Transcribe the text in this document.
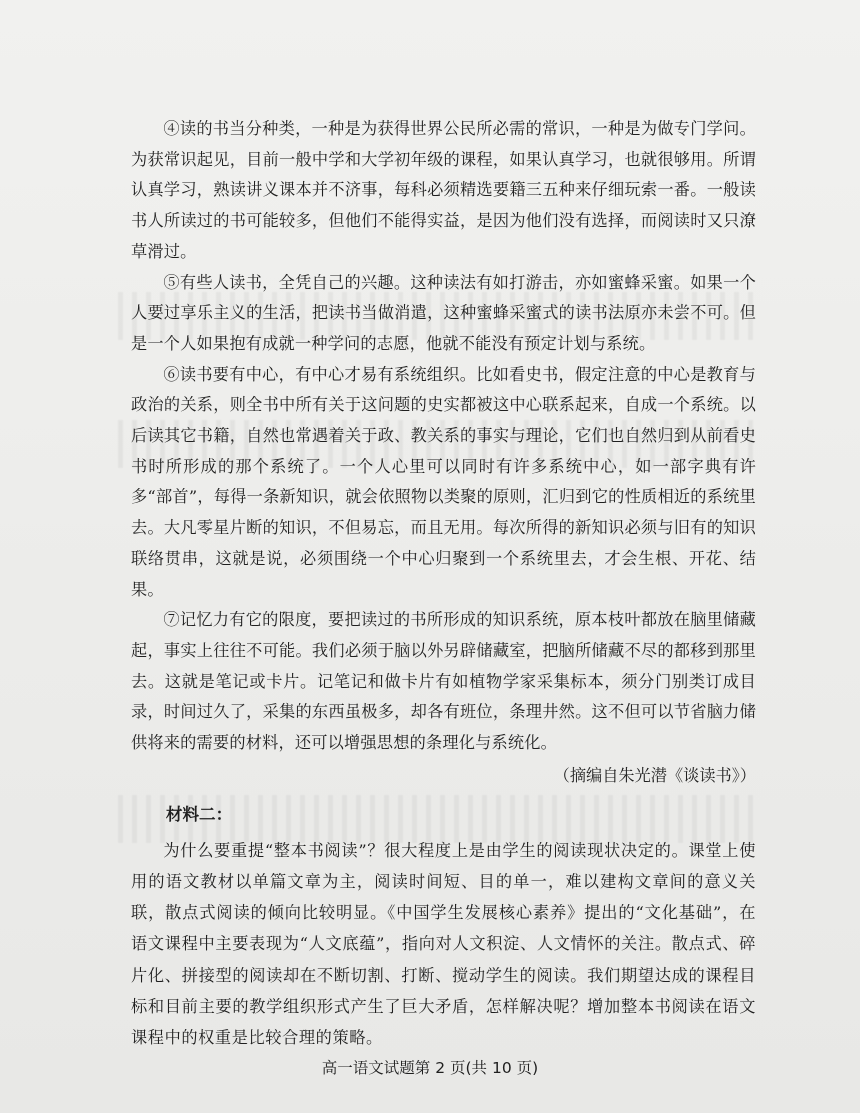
④读的书当分种类，一种是为获得世界公民所必需的常识，一种是为做专门学问。为获常识起见，目前一般中学和大学初年级的课程，如果认真学习，也就很够用。所谓认真学习，熟读讲义课本并不济事，每科必须精选要籍三五种来仔细玩索一番。一般读书人所读过的书可能较多，但他们不能得实益，是因为他们没有选择，而阅读时又只潦草滑过。

⑤有些人读书，全凭自己的兴趣。这种读法有如打游击，亦如蜜蜂采蜜。如果一个人要过享乐主义的生活，把读书当做消遣，这种蜜蜂采蜜式的读书法原亦未尝不可。但是一个人如果抱有成就一种学问的志愿，他就不能没有预定计划与系统。

⑥读书要有中心，有中心才易有系统组织。比如看史书，假定注意的中心是教育与政治的关系，则全书中所有关于这问题的史实都被这中心联系起来，自成一个系统。以后读其它书籍，自然也常遇着关于政、教关系的事实与理论，它们也自然归到从前看史书时所形成的那个系统了。一个人心里可以同时有许多系统中心，如一部字典有许多“部首”，每得一条新知识，就会依照物以类聚的原则，汇归到它的性质相近的系统里去。大凡零星片断的知识，不但易忘，而且无用。每次所得的新知识必须与旧有的知识联络贯串，这就是说，必须围绕一个中心归聚到一个系统里去，才会生根、开花、结果。

⑦记忆力有它的限度，要把读过的书所形成的知识系统，原本枝叶都放在脑里储藏起，事实上往往不可能。我们必须于脑以外另辟储藏室，把脑所储藏不尽的都移到那里去。这就是笔记或卡片。记笔记和做卡片有如植物学家采集标本，须分门别类订成目录，时间过久了，采集的东西虽极多，却各有班位，条理井然。这不但可以节省脑力储供将来的需要的材料，还可以增强思想的条理化与系统化。

（摘编自朱光潜《谈读书》）

材料二：

为什么要重提“整本书阅读”？很大程度上是由学生的阅读现状决定的。课堂上使用的语文教材以单篇文章为主，阅读时间短、目的单一，难以建构文章间的意义关联，散点式阅读的倾向比较明显。《中国学生发展核心素养》提出的“文化基础”，在语文课程中主要表现为“人文底蕴”，指向对人文积淀、人文情怀的关注。散点式、碎片化、拼接型的阅读却在不断切割、打断、搅动学生的阅读。我们期望达成的课程目标和目前主要的教学组织形式产生了巨大矛盾，怎样解决呢？增加整本书阅读在语文课程中的权重是比较合理的策略。

高一语文试题第 2 页(共 10 页)
